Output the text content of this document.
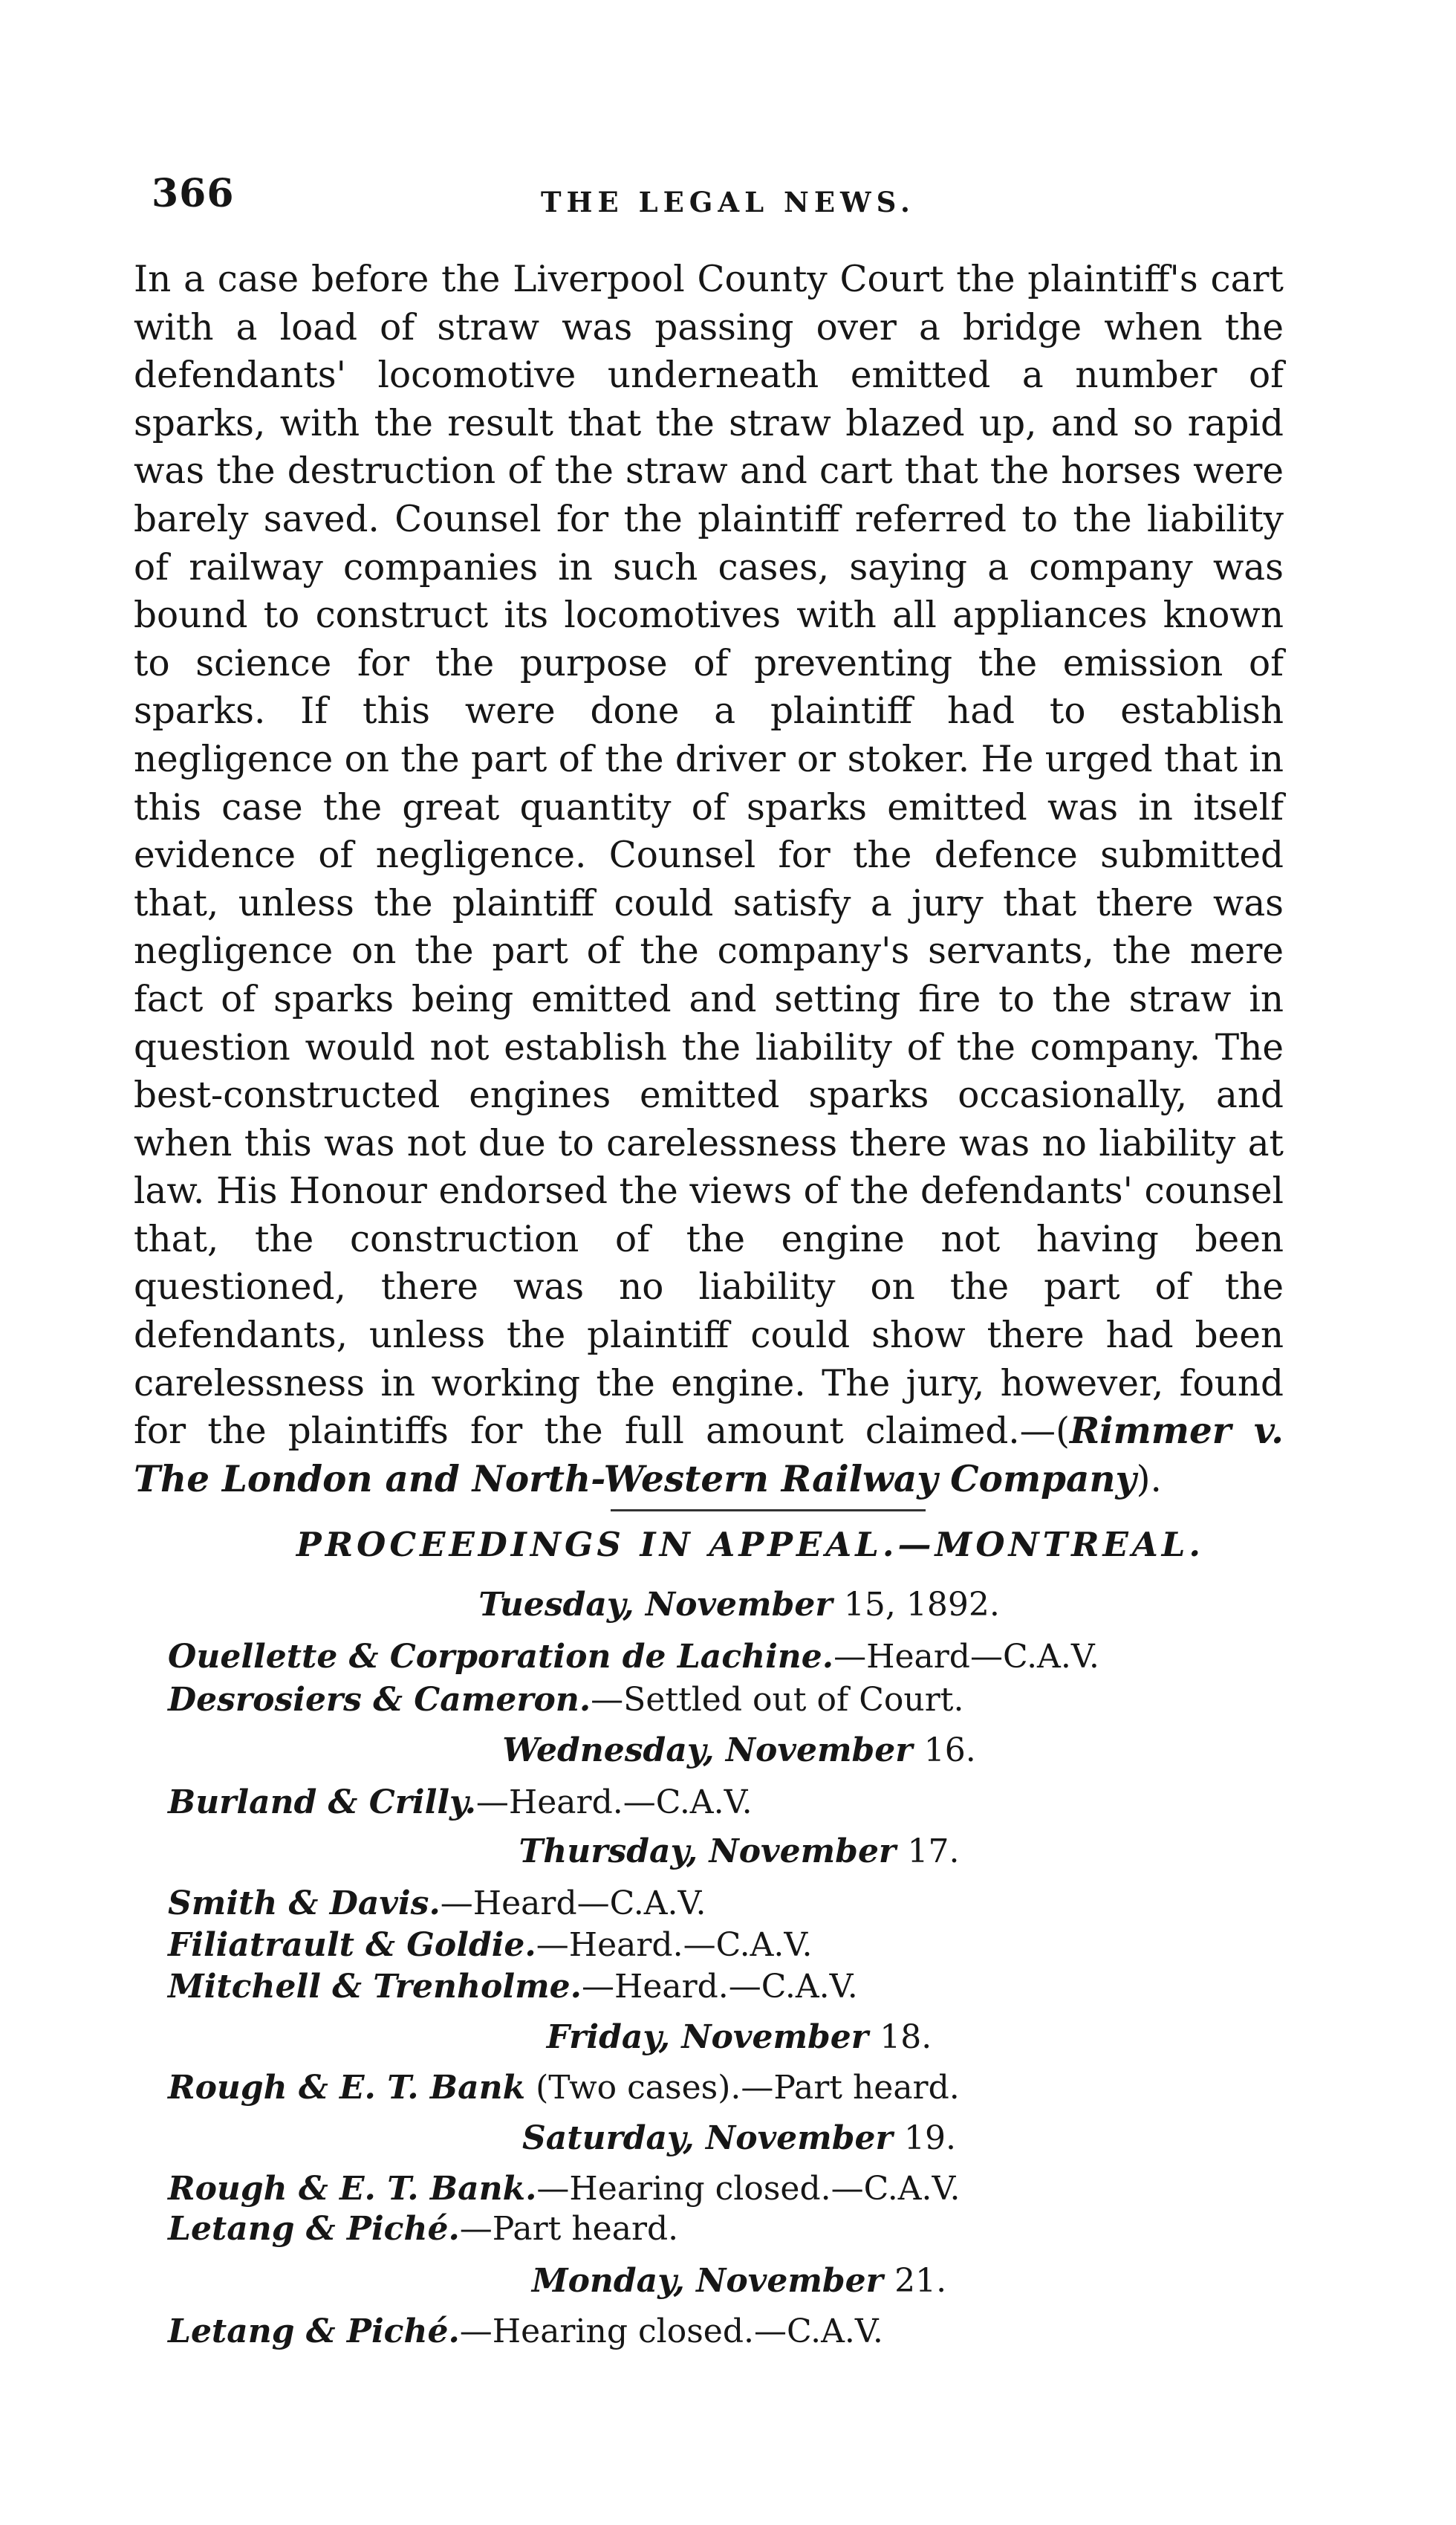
366	THE LEGAL NEWS.

In a case before the Liverpool County Court the plaintiff's cart with a load of straw was passing over a bridge when the defendants' locomotive underneath emitted a number of sparks, with the result that the straw blazed up, and so rapid was the destruction of the straw and cart that the horses were barely saved. Counsel for the plaintiff referred to the liability of railway companies in such cases, saying a company was bound to construct its locomotives with all appliances known to science for the purpose of preventing the emission of sparks. If this were done a plaintiff had to establish negligence on the part of the driver or stoker. He urged that in this case the great quantity of sparks emitted was in itself evidence of negligence. Counsel for the defence submitted that, unless the plaintiff could satisfy a jury that there was negligence on the part of the company's servants, the mere fact of sparks being emitted and setting fire to the straw in question would not establish the liability of the company. The best-constructed engines emitted sparks occasionally, and when this was not due to carelessness there was no liability at law. His Honour endorsed the views of the defendants' counsel that, the construction of the engine not having been questioned, there was no liability on the part of the defendants, unless the plaintiff could show there had been carelessness in working the engine. The jury, however, found for the plaintiffs for the full amount claimed.—(Rimmer v. The London and North-Western Railway Company).

PROCEEDINGS IN APPEAL.—MONTREAL.
Tuesday, November 15, 1892.
Ouellette & Corporation de Lachine.—Heard—C.A.V.
Desrosiers & Cameron.—Settled out of Court.
Wednesday, November 16.
Burland & Crilly.—Heard.—C.A.V.
Thursday, November 17.
Smith & Davis.—Heard—C.A.V.
Filiatrault & Goldie.—Heard.—C.A.V.
Mitchell & Trenholme.—Heard.—C.A.V.
Friday, November 18.
Rough & E. T. Bank (Two cases).—Part heard.
Saturday, November 19.
Rough & E. T. Bank.—Hearing closed.—C.A.V.
Letang & Piché.—Part heard.
Monday, November 21.
Letang & Piché.—Hearing closed.—C.A.V.
